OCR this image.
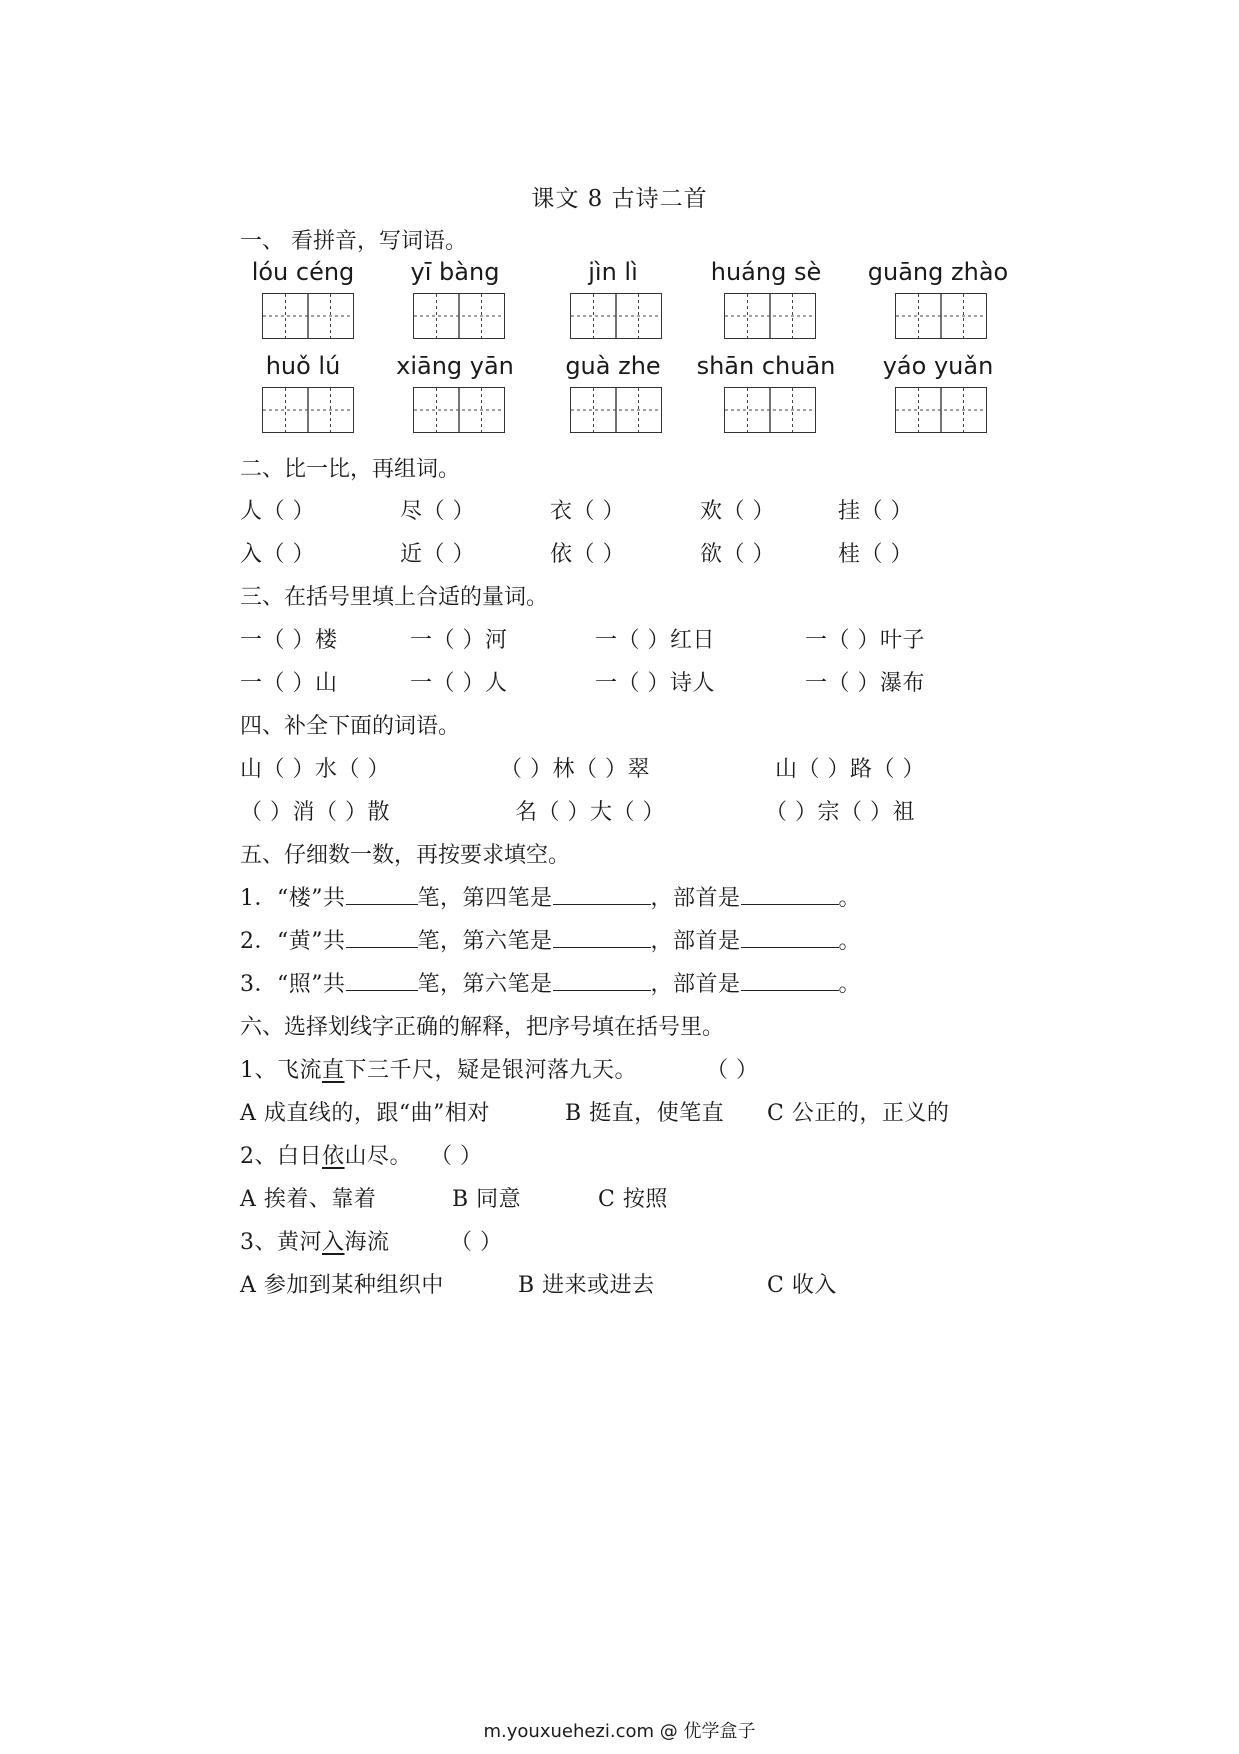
课文 8 古诗二首
一、 看拼音，写词语。
lóu céng	yī bàng	jìn lì	huáng sè	guāng zhào
huǒ lú	xiāng yān	guà zhe	shān chuān	yáo yuǎn
二、比一比，再组词。
人（ ）	尽（ ）	衣（ ）	欢（ ）	挂（ ）
入（ ）	近（ ）	依（ ）	欲（ ）	桂（ ）
三、在括号里填上合适的量词。
一（ ）楼	一（ ）河	一（ ）红日	一（ ）叶子
一（ ）山	一（ ）人	一（ ）诗人	一（ ）瀑布
四、补全下面的词语。
山（ ）水（ ）	（ ）林（ ）翠	山（ ）路（ ）
（ ）消（ ）散	名（ ）大（ ）	（ ）宗（ ）祖
五、仔细数一数，再按要求填空。
1．“楼”共	笔，第四笔是	，部首是	。
2．“黄”共	笔，第六笔是	，部首是	。
3．“照”共	笔，第六笔是	，部首是	。
六、选择划线字正确的解释，把序号填在括号里。
1、飞流直下三千尺，疑是银河落九天。	（ ）
A 成直线的，跟“曲”相对	B 挺直，使笔直 C 公正的，正义的
2、白日依山尽。 （ ）
A 挨着、靠着	B 同意	C 按照
3、黄河入海流	（ ）
A 参加到某种组织中	B 进来或进去	C 收入
m.youxuehezi.com @ 优学盒子
